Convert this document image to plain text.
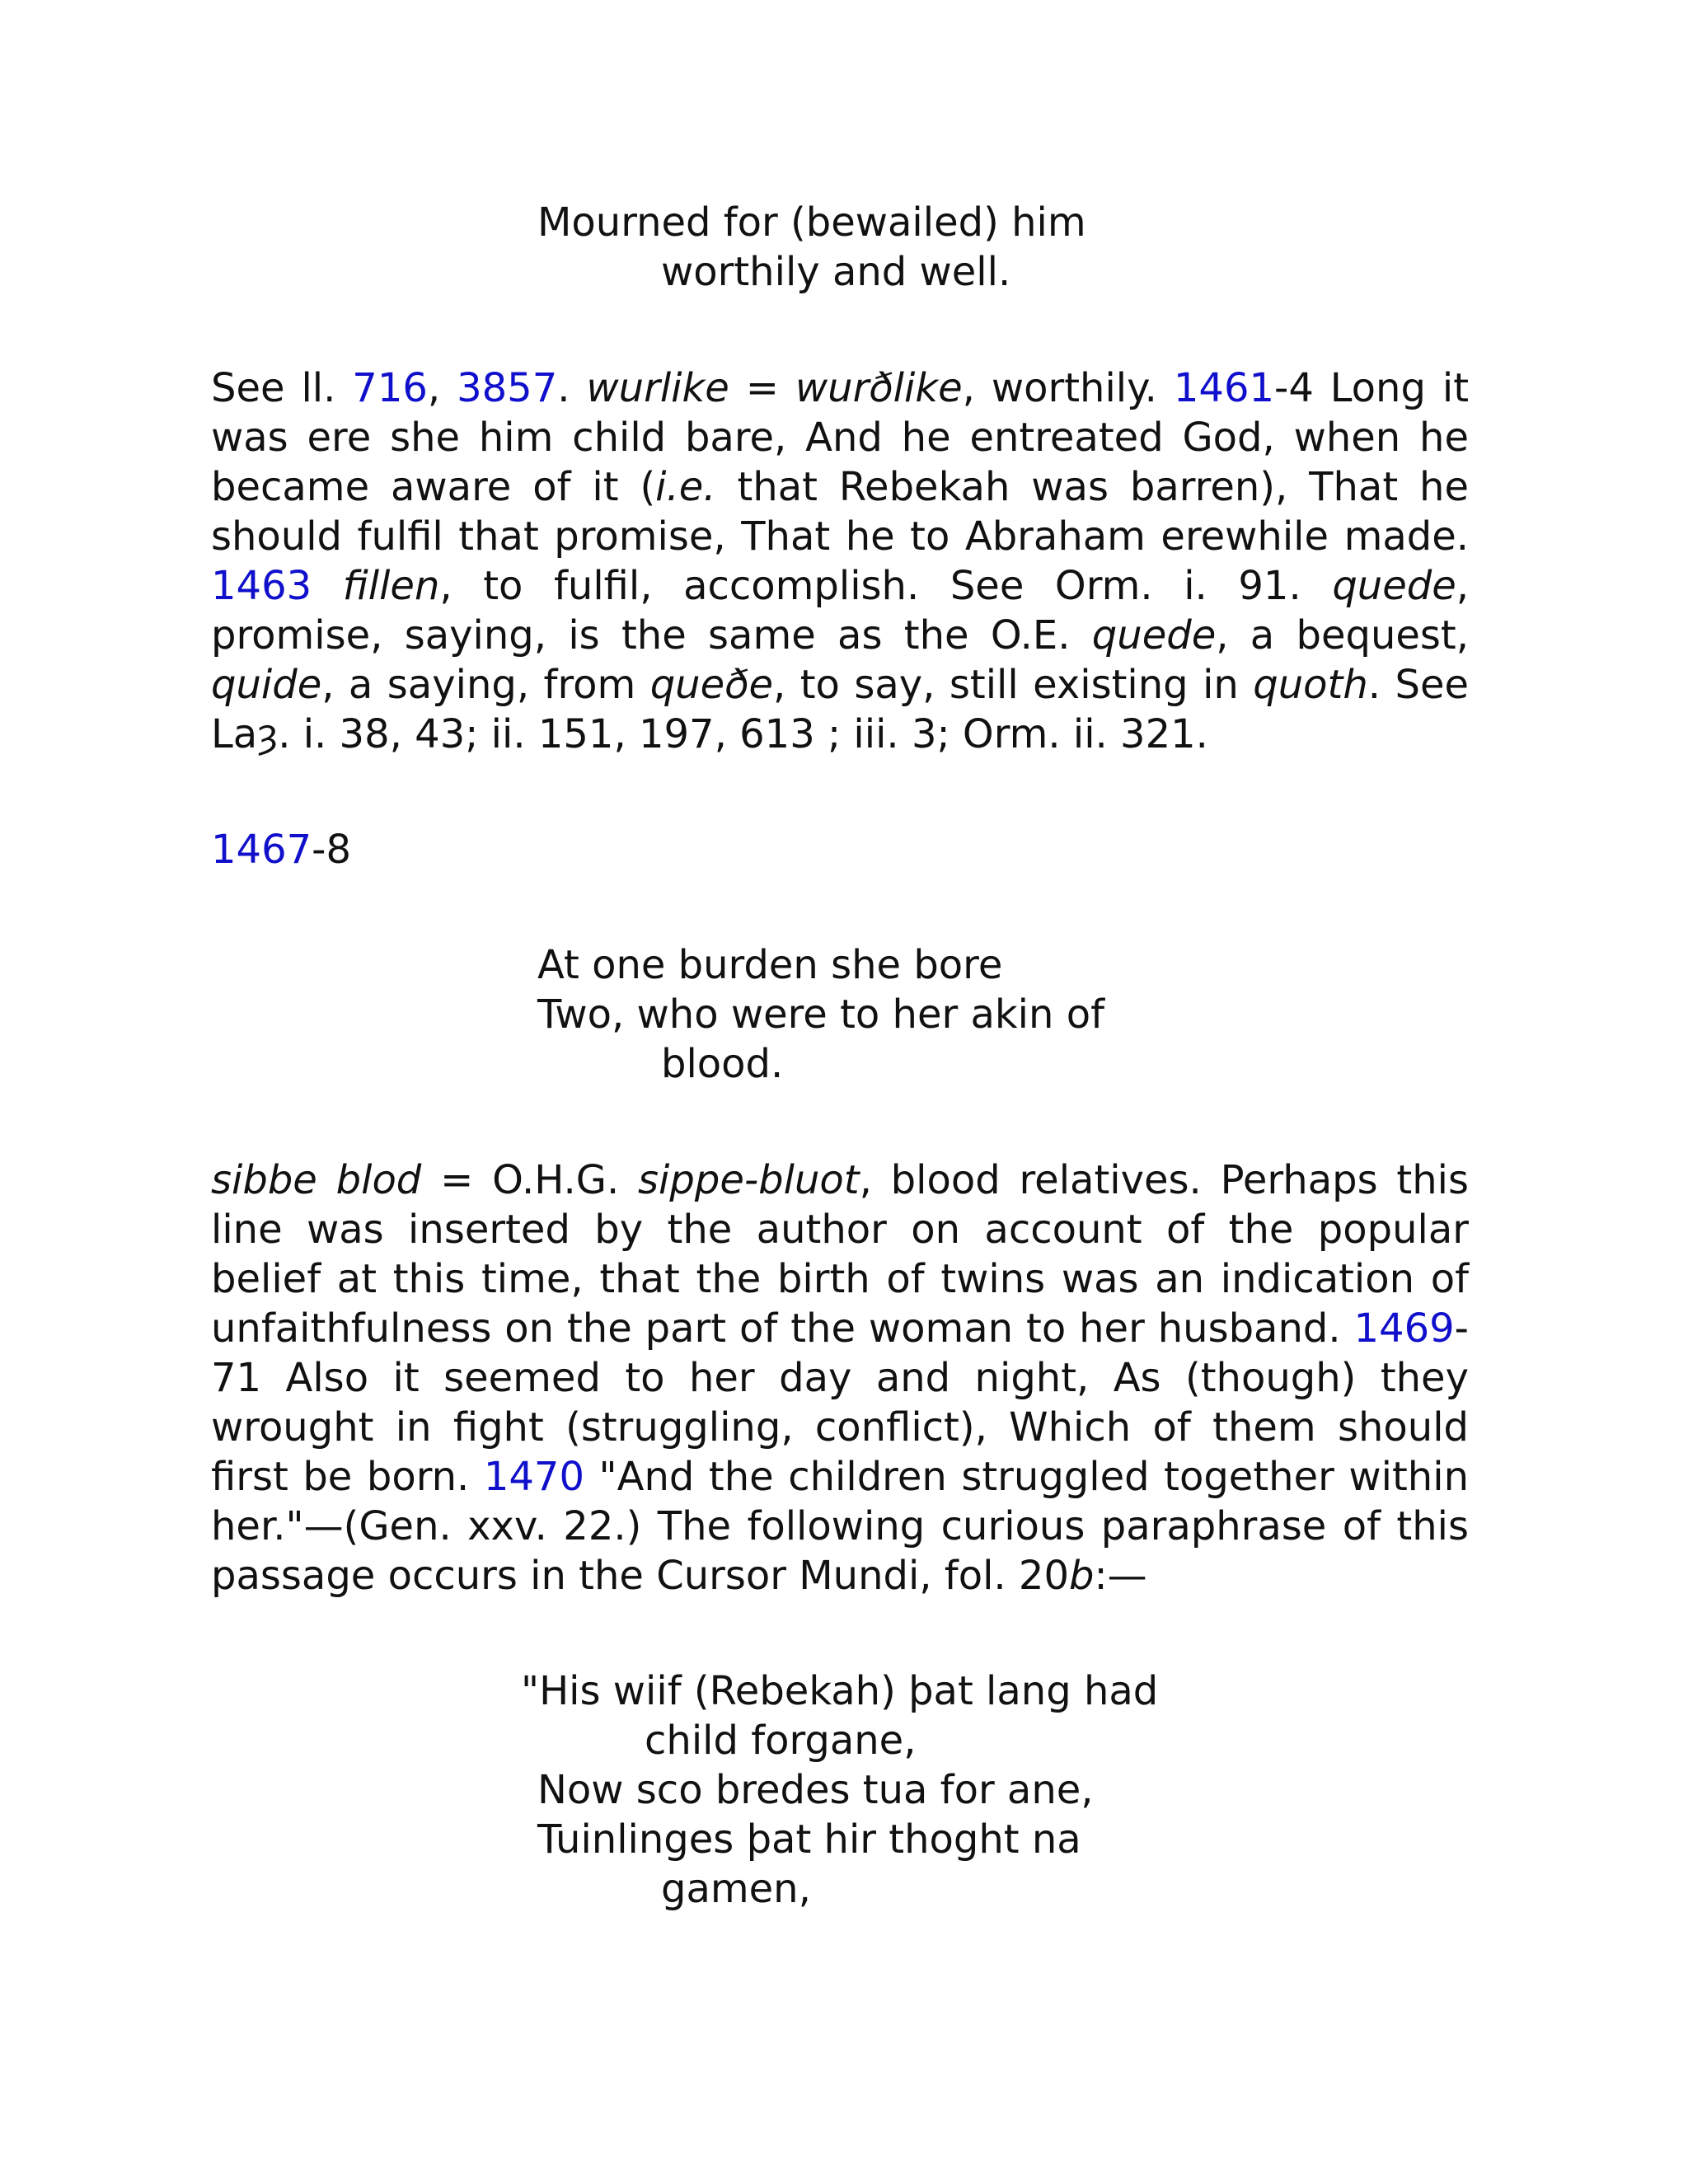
Mourned for (bewailed) him
worthily and well.

See ll. 716, 3857. wurlike = wurðlike, worthily. 1461-4 Long it was ere she him child bare, And he entreated God, when he became aware of it (i.e. that Rebekah was barren), That he should fulfil that promise, That he to Abraham erewhile made. 1463 fillen, to fulfil, accomplish. See Orm. i. 91. quede, promise, saying, is the same as the O.E. quede, a bequest, quide, a saying, from queðe, to say, still existing in quoth. See Laȝ. i. 38, 43; ii. 151, 197, 613 ; iii. 3; Orm. ii. 321.

1467-8

At one burden she bore
Two, who were to her akin of
blood.

sibbe blod = O.H.G. sippe-bluot, blood relatives. Perhaps this line was inserted by the author on account of the popular belief at this time, that the birth of twins was an indication of unfaithfulness on the part of the woman to her husband. 1469-71 Also it seemed to her day and night, As (though) they wrought in fight (struggling, conflict), Which of them should first be born. 1470 "And the children struggled together within her."—(Gen. xxv. 22.) The following curious paraphrase of this passage occurs in the Cursor Mundi, fol. 20b:—

"His wiif (Rebekah) þat lang had
child forgane,
Now sco bredes tua for ane,
Tuinlinges þat hir thoght na
gamen,
